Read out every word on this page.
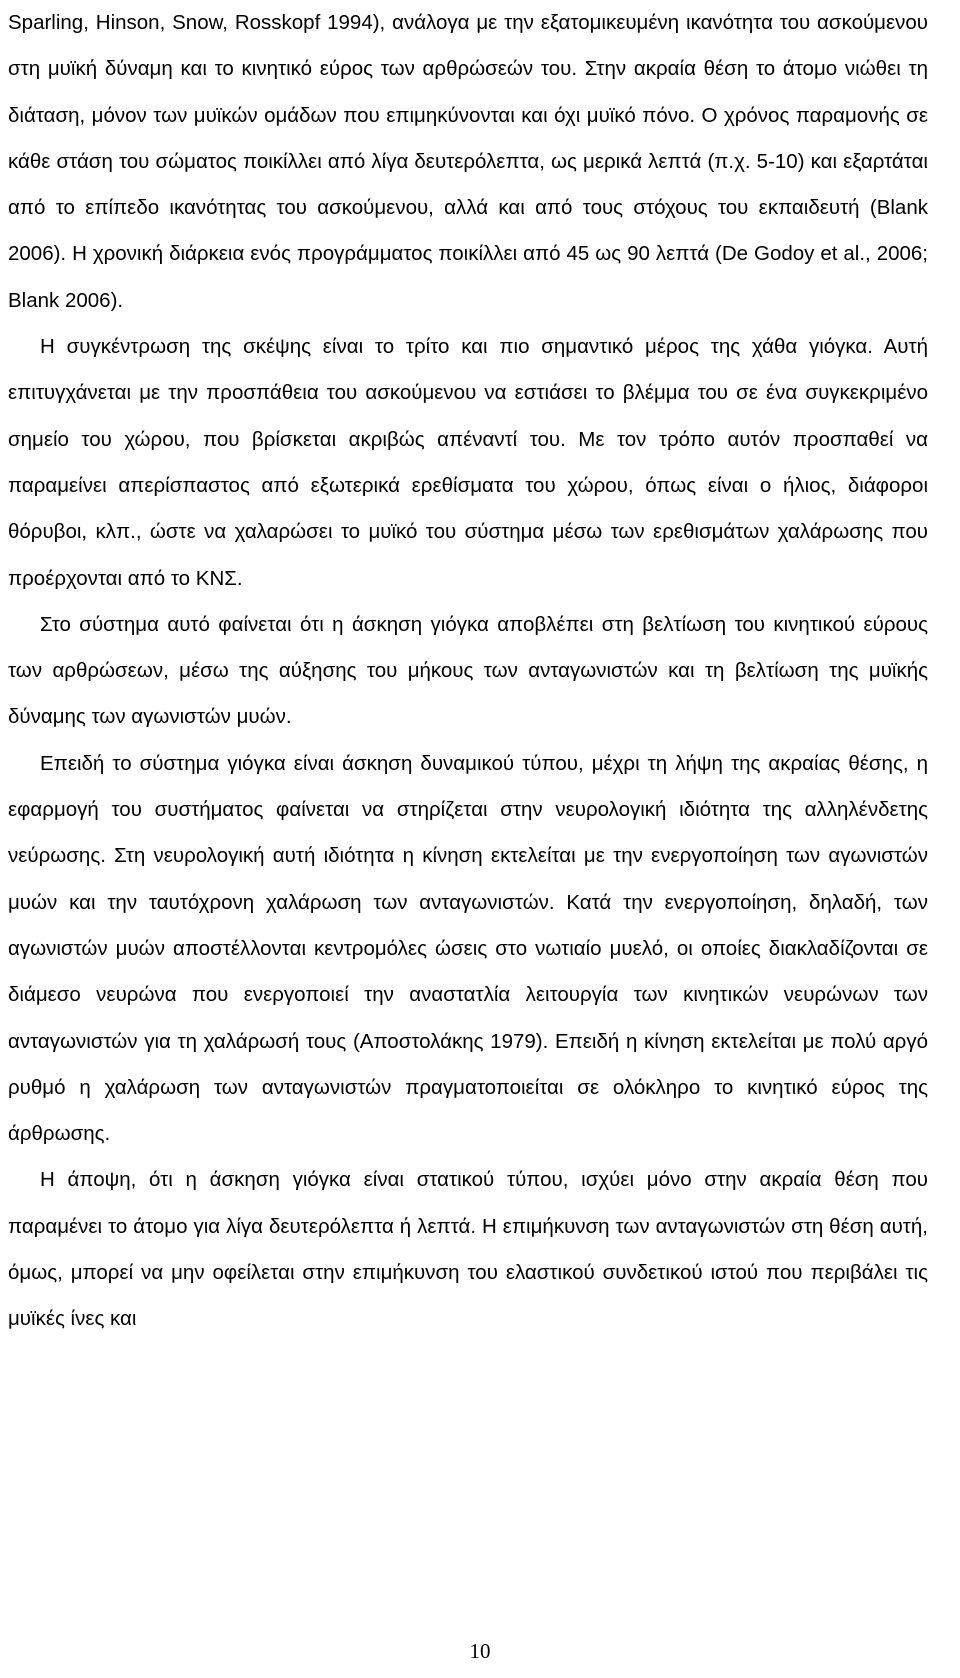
Sparling, Hinson, Snow, Rosskopf 1994), ανάλογα με την εξατομικευμένη ικανότητα του ασκούμενου στη μυϊκή δύναμη και το κινητικό εύρος των αρθρώσεών του. Στην ακραία θέση το άτομο νιώθει τη διάταση, μόνον των μυϊκών ομάδων που επιμηκύνονται και όχι μυϊκό πόνο. Ο χρόνος παραμονής σε κάθε στάση του σώματος ποικίλλει από λίγα δευτερόλεπτα, ως μερικά λεπτά (π.χ. 5-10) και εξαρτάται από το επίπεδο ικανότητας του ασκούμενου, αλλά και από τους στόχους του εκπαιδευτή (Blank 2006). Η χρονική διάρκεια ενός προγράμματος ποικίλλει από 45 ως 90 λεπτά (De Godoy et al., 2006; Blank 2006).

Η συγκέντρωση της σκέψης είναι το τρίτο και πιο σημαντικό μέρος της χάθα γιόγκα. Αυτή επιτυγχάνεται με την προσπάθεια του ασκούμενου να εστιάσει το βλέμμα του σε ένα συγκεκριμένο σημείο του χώρου, που βρίσκεται ακριβώς απέναντί του. Με τον τρόπο αυτόν προσπαθεί να παραμείνει απερίσπαστος από εξωτερικά ερεθίσματα του χώρου, όπως είναι ο ήλιος, διάφοροι θόρυβοι, κλπ., ώστε να χαλαρώσει το μυϊκό του σύστημα μέσω των ερεθισμάτων χαλάρωσης που προέρχονται από το ΚΝΣ.

Στο σύστημα αυτό φαίνεται ότι η άσκηση γιόγκα αποβλέπει στη βελτίωση του κινητικού εύρους των αρθρώσεων, μέσω της αύξησης του μήκους των ανταγωνιστών και τη βελτίωση της μυϊκής δύναμης των αγωνιστών μυών.

Επειδή το σύστημα γιόγκα είναι άσκηση δυναμικού τύπου, μέχρι τη λήψη της ακραίας θέσης, η εφαρμογή του συστήματος φαίνεται να στηρίζεται στην νευρολογική ιδιότητα της αλληλένδετης νεύρωσης. Στη νευρολογική αυτή ιδιότητα η κίνηση εκτελείται με την ενεργοποίηση των αγωνιστών μυών και την ταυτόχρονη χαλάρωση των ανταγωνιστών. Κατά την ενεργοποίηση, δηλαδή, των αγωνιστών μυών αποστέλλονται κεντρομόλες ώσεις στο νωτιαίο μυελό, οι οποίες διακλαδίζονται σε διάμεσο νευρώνα που ενεργοποιεί την αναστατλία λειτουργία των κινητικών νευρώνων των ανταγωνιστών για τη χαλάρωσή τους (Αποστολάκης 1979). Επειδή η κίνηση εκτελείται με πολύ αργό ρυθμό η χαλάρωση των ανταγωνιστών πραγματοποιείται σε ολόκληρο το κινητικό εύρος της άρθρωσης.

Η άποψη, ότι η άσκηση γιόγκα είναι στατικού τύπου, ισχύει μόνο στην ακραία θέση που παραμένει το άτομο για λίγα δευτερόλεπτα ή λεπτά. Η επιμήκυνση των ανταγωνιστών στη θέση αυτή, όμως, μπορεί να μην οφείλεται στην επιμήκυνση του ελαστικού συνδετικού ιστού που περιβάλει τις μυϊκές ίνες και

10
